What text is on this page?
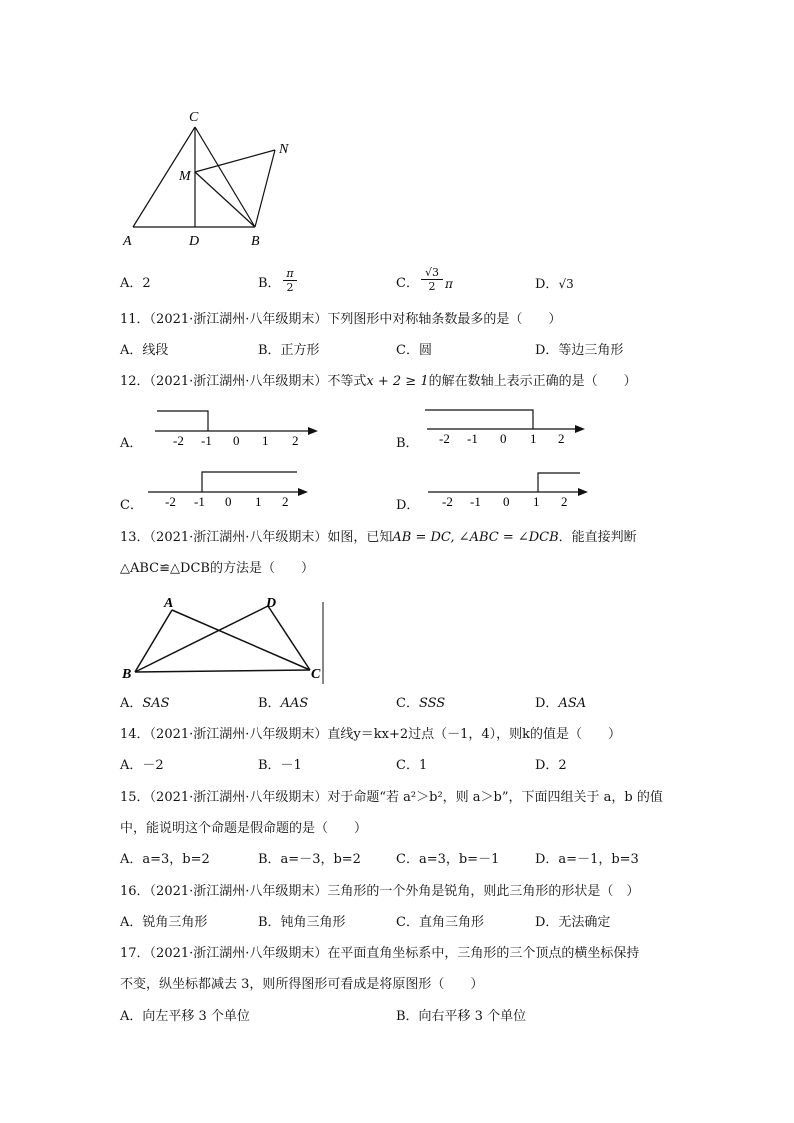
C
N
M
A	D	B
A．2	B． $\frac{\pi}{2}$	C． $\frac{√3}{2}$ π	D．√3
11．（2021·浙江湖州·八年级期末）下列图形中对称轴条数最多的是（　　）
A．线段	B．正方形	C．圆	D．等边三角形
12．（2021·浙江湖州·八年级期末）不等式x + 2 ≥ 1的解在数轴上表示正确的是（　　）
A． -2 -1 0 1 2	B． -2 -1 0 1 2
C． -2 -1 0 1 2	D． -2 -1 0 1 2
13．（2021·浙江湖州·八年级期末）如图，已知AB = DC, ∠ABC = ∠DCB．能直接判断
△ABC≌△DCB的方法是（　　）
A	D
B	C
A．SAS	B．AAS	C．SSS	D．ASA
14．（2021·浙江湖州·八年级期末）直线y＝kx+2过点（－1，4），则k的值是（　　）
A．－2	B．－1	C．1	D．2
15．（2021·浙江湖州·八年级期末）对于命题“若 a²＞b²，则 a＞b”，下面四组关于 a，b 的值
中，能说明这个命题是假命题的是（　　）
A．a=3，b=2	B．a=－3，b=2	C．a=3，b=－1	D．a=－1，b=3
16．（2021·浙江湖州·八年级期末）三角形的一个外角是锐角，则此三角形的形状是（　）
A．锐角三角形	B．钝角三角形	C．直角三角形	D．无法确定
17．（2021·浙江湖州·八年级期末）在平面直角坐标系中，三角形的三个顶点的横坐标保持
不变，纵坐标都减去 3，则所得图形可看成是将原图形（　　）
A．向左平移 3 个单位	B．向右平移 3 个单位
